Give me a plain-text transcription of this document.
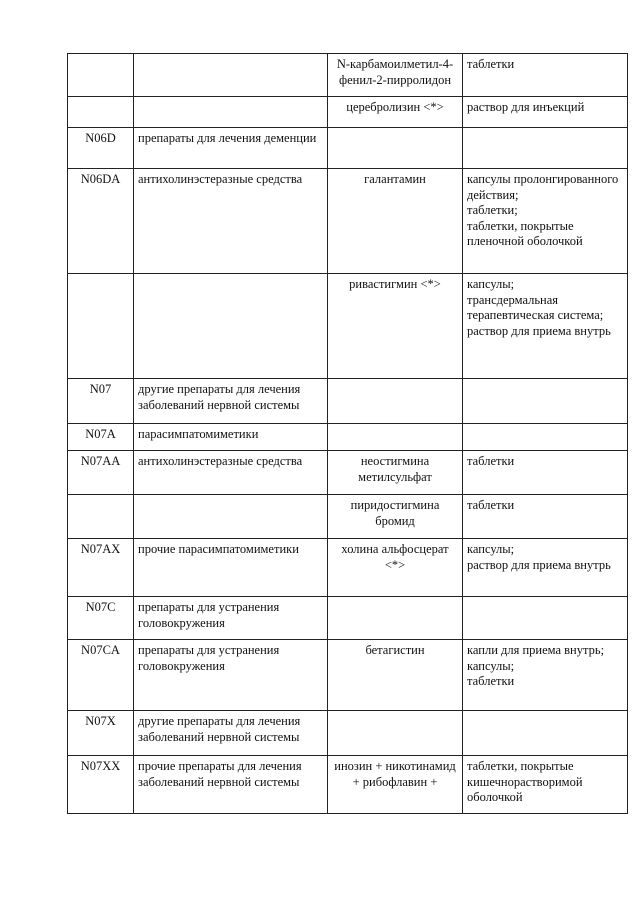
		N-карбамоилметил-4-фенил-2-пирролидон	таблетки
		церебролизин <*>	раствор для инъекций
N06D	препараты для лечения деменции		
N06DA	антихолинэстеразные средства	галантамин	капсулы пролонгированного действия;
таблетки;
таблетки, покрытые пленочной оболочкой

		ривастигмин <*>	капсулы;
трансдермальная терапевтическая система;
раствор для приема внутрь

N07	другие препараты для лечения заболеваний нервной системы		
N07A	парасимпатомиметики		
N07AA	антихолинэстеразные средства	неостигмина метилсульфат	таблетки
		пиридостигмина бромид	таблетки
N07AX	прочие парасимпатомиметики	холина альфосцерат <*>	капсулы;
раствор для приема внутрь

N07C	препараты для устранения головокружения		
N07CA	препараты для устранения головокружения	бетагистин	капли для приема внутрь;
капсулы;
таблетки

N07X	другие препараты для лечения заболеваний нервной системы		
N07XX	прочие препараты для лечения заболеваний нервной системы	инозин + никотинамид + рибофлавин +	таблетки, покрытые кишечнорастворимой оболочкой
